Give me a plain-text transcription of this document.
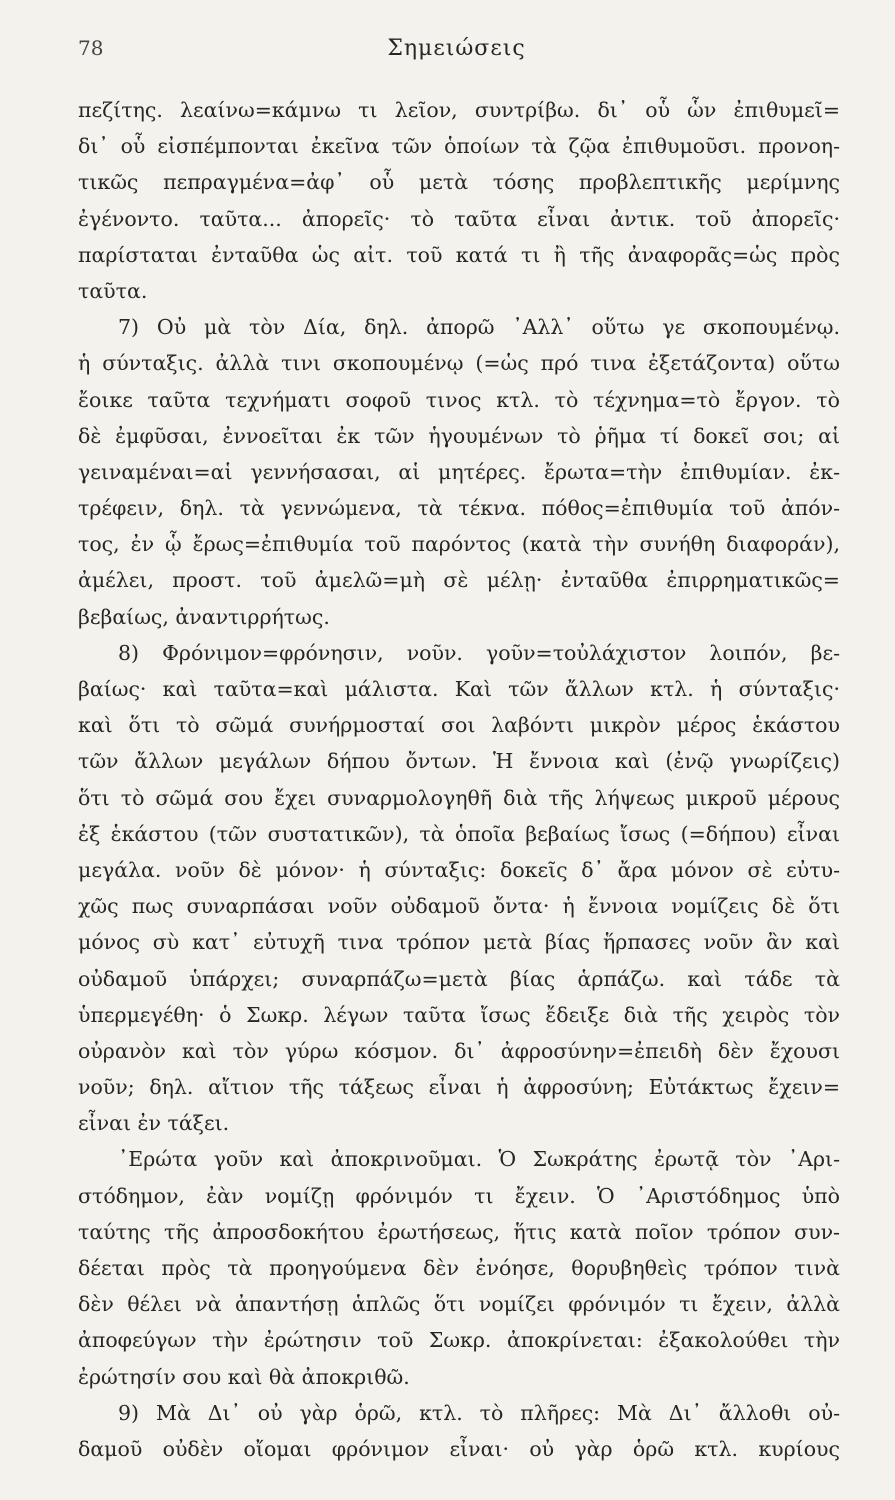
78	Σημειώσεις
πεζίτης. λεαίνω=κάμνω τι λεῖον, συντρίβω. δι᾿ οὗ ὧν ἐπιθυμεῖ=
δι᾿ οὗ εἰσπέμπονται ἐκεῖνα τῶν ὁποίων τὰ ζῷα ἐπιθυμοῦσι. προνοη-
τικῶς πεπραγμένα=ἀφ᾿ οὗ μετὰ τόσης προβλεπτικῆς μερίμνης
ἐγένοντο. ταῦτα... ἀπορεῖς· τὸ ταῦτα εἶναι ἀντικ. τοῦ ἀπορεῖς·
παρίσταται ἐνταῦθα ὡς αἰτ. τοῦ κατά τι ἢ τῆς ἀναφορᾶς=ὡς πρὸς
ταῦτα.
7) Οὐ μὰ τὸν Δία, δηλ. ἀπορῶ ᾿Αλλ᾿ οὕτω γε σκοπουμένῳ.
ἡ σύνταξις. ἀλλὰ τινι σκοπουμένῳ (=ὡς πρό τινα ἐξετάζοντα) οὕτω
ἔοικε ταῦτα τεχνήματι σοφοῦ τινος κτλ. τὸ τέχνημα=τὸ ἔργον. τὸ
δὲ ἐμφῦσαι, ἐννοεῖται ἐκ τῶν ἡγουμένων τὸ ῥῆμα τί δοκεῖ σοι; αἱ
γειναμέναι=αἱ γεννήσασαι, αἱ μητέρες. ἔρωτα=τὴν ἐπιθυμίαν. ἐκ-
τρέφειν, δηλ. τὰ γεννώμενα, τὰ τέκνα. πόθος=ἐπιθυμία τοῦ ἀπόν-
τος, ἐν ᾧ ἔρως=ἐπιθυμία τοῦ παρόντος (κατὰ τὴν συνήθη διαφοράν),
ἀμέλει, προστ. τοῦ ἀμελῶ=μὴ σὲ μέλῃ· ἐνταῦθα ἐπιρρηματικῶς=
βεβαίως, ἀναντιρρήτως.
8) Φρόνιμον=φρόνησιν, νοῦν. γοῦν=τοὐλάχιστον λοιπόν, βε-
βαίως· καὶ ταῦτα=καὶ μάλιστα. Καὶ τῶν ἄλλων κτλ. ἡ σύνταξις·
καὶ ὅτι τὸ σῶμά συνήρμοσταί σοι λαβόντι μικρὸν μέρος ἑκάστου
τῶν ἄλλων μεγάλων δήπου ὄντων. Ἡ ἔννοια καὶ (ἐνῷ γνωρίζεις)
ὅτι τὸ σῶμά σου ἔχει συναρμολογηθῆ διὰ τῆς λήψεως μικροῦ μέρους
ἐξ ἑκάστου (τῶν συστατικῶν), τὰ ὁποῖα βεβαίως ἴσως (=δήπου) εἶναι
μεγάλα. νοῦν δὲ μόνον· ἡ σύνταξις: δοκεῖς δ᾿ ἄρα μόνον σὲ εὐτυ-
χῶς πως συναρπάσαι νοῦν οὐδαμοῦ ὄντα· ἡ ἔννοια νομίζεις δὲ ὅτι
μόνος σὺ κατ᾿ εὐτυχῆ τινα τρόπον μετὰ βίας ἥρπασες νοῦν ἂν καὶ
οὐδαμοῦ ὑπάρχει; συναρπάζω=μετὰ βίας ἁρπάζω. καὶ τάδε τὰ
ὑπερμεγέθη· ὁ Σωκρ. λέγων ταῦτα ἴσως ἔδειξε διὰ τῆς χειρὸς τὸν
οὐρανὸν καὶ τὸν γύρω κόσμον. δι᾿ ἀφροσύνην=ἐπειδὴ δὲν ἔχουσι
νοῦν; δηλ. αἴτιον τῆς τάξεως εἶναι ἡ ἀφροσύνη; Εὐτάκτως ἔχειν=
εἶναι ἐν τάξει.
᾿Ερώτα γοῦν καὶ ἀποκρινοῦμαι. Ὁ Σωκράτης ἐρωτᾷ τὸν ᾿Αρι-
στόδημον, ἐὰν νομίζῃ φρόνιμόν τι ἔχειν. Ὁ ᾿Αριστόδημος ὑπὸ
ταύτης τῆς ἀπροσδοκήτου ἐρωτήσεως, ἥτις κατὰ ποῖον τρόπον συν-
δέεται πρὸς τὰ προηγούμενα δὲν ἐνόησε, θορυβηθεὶς τρόπον τινὰ
δὲν θέλει νὰ ἀπαντήσῃ ἁπλῶς ὅτι νομίζει φρόνιμόν τι ἔχειν, ἀλλὰ
ἀποφεύγων τὴν ἐρώτησιν τοῦ Σωκρ. ἀποκρίνεται: ἐξακολούθει τὴν
ἐρώτησίν σου καὶ θὰ ἀποκριθῶ.
9) Μὰ Δι᾿ οὐ γὰρ ὁρῶ, κτλ. τὸ πλῆρες: Μὰ Δι᾿ ἄλλοθι οὐ-
δαμοῦ οὐδὲν οἴομαι φρόνιμον εἶναι· οὐ γὰρ ὁρῶ κτλ. κυρίους
